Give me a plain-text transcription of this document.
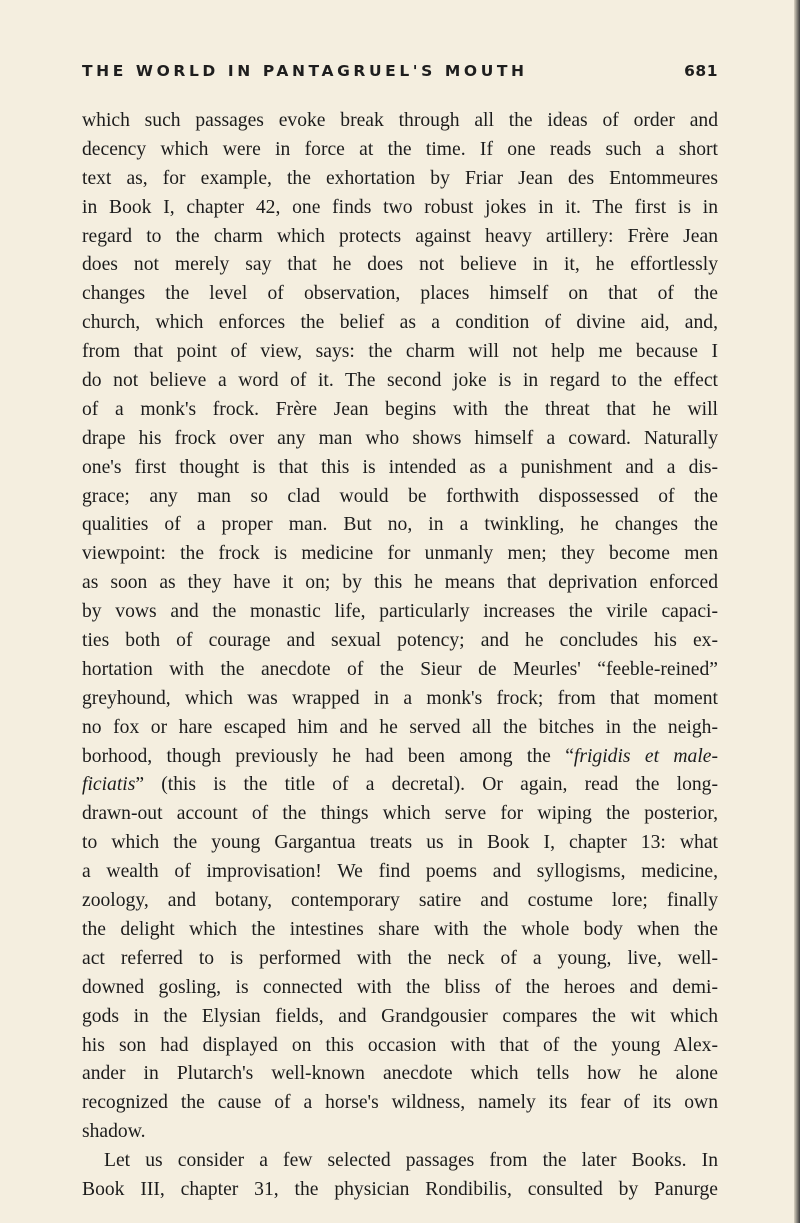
THE WORLD IN PANTAGRUEL'S MOUTH	681
which such passages evoke break through all the ideas of order and
decency which were in force at the time. If one reads such a short
text as, for example, the exhortation by Friar Jean des Entommeures
in Book I, chapter 42, one finds two robust jokes in it. The first is in
regard to the charm which protects against heavy artillery: Frère Jean
does not merely say that he does not believe in it, he effortlessly
changes the level of observation, places himself on that of the
church, which enforces the belief as a condition of divine aid, and,
from that point of view, says: the charm will not help me because I
do not believe a word of it. The second joke is in regard to the effect
of a monk's frock. Frère Jean begins with the threat that he will
drape his frock over any man who shows himself a coward. Naturally
one's first thought is that this is intended as a punishment and a dis-
grace; any man so clad would be forthwith dispossessed of the
qualities of a proper man. But no, in a twinkling, he changes the
viewpoint: the frock is medicine for unmanly men; they become men
as soon as they have it on; by this he means that deprivation enforced
by vows and the monastic life, particularly increases the virile capaci-
ties both of courage and sexual potency; and he concludes his ex-
hortation with the anecdote of the Sieur de Meurles' “feeble-reined”
greyhound, which was wrapped in a monk's frock; from that moment
no fox or hare escaped him and he served all the bitches in the neigh-
borhood, though previously he had been among the “frigidis et male-
ficiatis” (this is the title of a decretal). Or again, read the long-
drawn-out account of the things which serve for wiping the posterior,
to which the young Gargantua treats us in Book I, chapter 13: what
a wealth of improvisation! We find poems and syllogisms, medicine,
zoology, and botany, contemporary satire and costume lore; finally
the delight which the intestines share with the whole body when the
act referred to is performed with the neck of a young, live, well-
downed gosling, is connected with the bliss of the heroes and demi-
gods in the Elysian fields, and Grandgousier compares the wit which
his son had displayed on this occasion with that of the young Alex-
ander in Plutarch's well-known anecdote which tells how he alone
recognized the cause of a horse's wildness, namely its fear of its own
shadow.
Let us consider a few selected passages from the later Books. In
Book III, chapter 31, the physician Rondibilis, consulted by Panurge
